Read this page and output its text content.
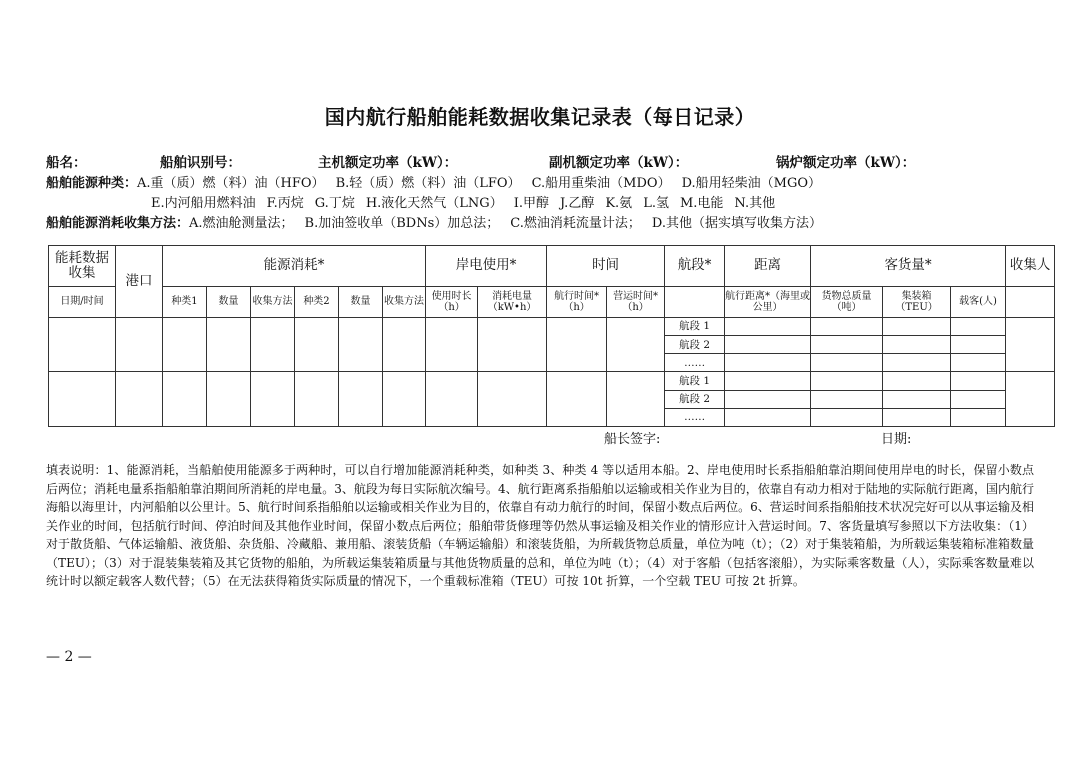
国内航行船舶能耗数据收集记录表（每日记录）
船名：	船舶识别号：	主机额定功率（kW）：	副机额定功率（kW）：	锅炉额定功率（kW）：
船舶能源种类：A.重（质）燃（料）油（HFO） B.轻（质）燃（料）油（LFO） C.船用重柴油（MDO） D.船用轻柴油（MGO）
E.内河船用燃料油 F.丙烷 G.丁烷 H.液化天然气（LNG） I.甲醇 J.乙醇 K.氨 L.氢 M.电能 N.其他
船舶能源消耗收集方法：A.燃油舱测量法； B.加油签收单（BDNs）加总法； C.燃油消耗流量计法； D.其他（据实填写收集方法）
能耗数据收集	港口	能源消耗*						岸电使用*		时间		航段*	距离	客货量*			收集人
日期/时间		种类1	数量	收集方法	种类2	数量	收集方法	使用时长（h）	消耗电量（kW•h）	航行时间*（h）	营运时间*（h）		航行距离*（海里或公里）	货物总质量（吨）	集装箱（TEU）	载客(人)	
												航段 1					
												航段 2					
												……					
												航段 1					
												航段 2					
												……					
船长签字:	日期:
填表说明：1、能源消耗，当船舶使用能源多于两种时，可以自行增加能源消耗种类，如种类 3、种类 4 等以适用本船。2、岸电使用时长系指船舶靠泊期间使用岸电的时长，保留小数点后两位；消耗电量系指船舶靠泊期间所消耗的岸电量。3、航段为每日实际航次编号。4、航行距离系指船舶以运输或相关作业为目的，依靠自有动力相对于陆地的实际航行距离，国内航行海船以海里计，内河船舶以公里计。5、航行时间系指船舶以运输或相关作业为目的，依靠自有动力航行的时间，保留小数点后两位。6、营运时间系指船舶技术状况完好可以从事运输及相关作业的时间，包括航行时间、停泊时间及其他作业时间，保留小数点后两位；船舶带货修理等仍然从事运输及相关作业的情形应计入营运时间。7、客货量填写参照以下方法收集：（1）对于散货船、气体运输船、液货船、杂货船、冷藏船、兼用船、滚装货船（车辆运输船）和滚装货船，为所载货物总质量，单位为吨（t）；（2）对于集装箱船，为所载运集装箱标准箱数量（TEU）；（3）对于混装集装箱及其它货物的船舶，为所载运集装箱质量与其他货物质量的总和，单位为吨（t）；（4）对于客船（包括客滚船），为实际乘客数量（人），实际乘客数量难以统计时以额定载客人数代替；（5）在无法获得箱货实际质量的情况下，一个重载标准箱（TEU）可按 10t 折算，一个空载 TEU 可按 2t 折算。
— 2 —
